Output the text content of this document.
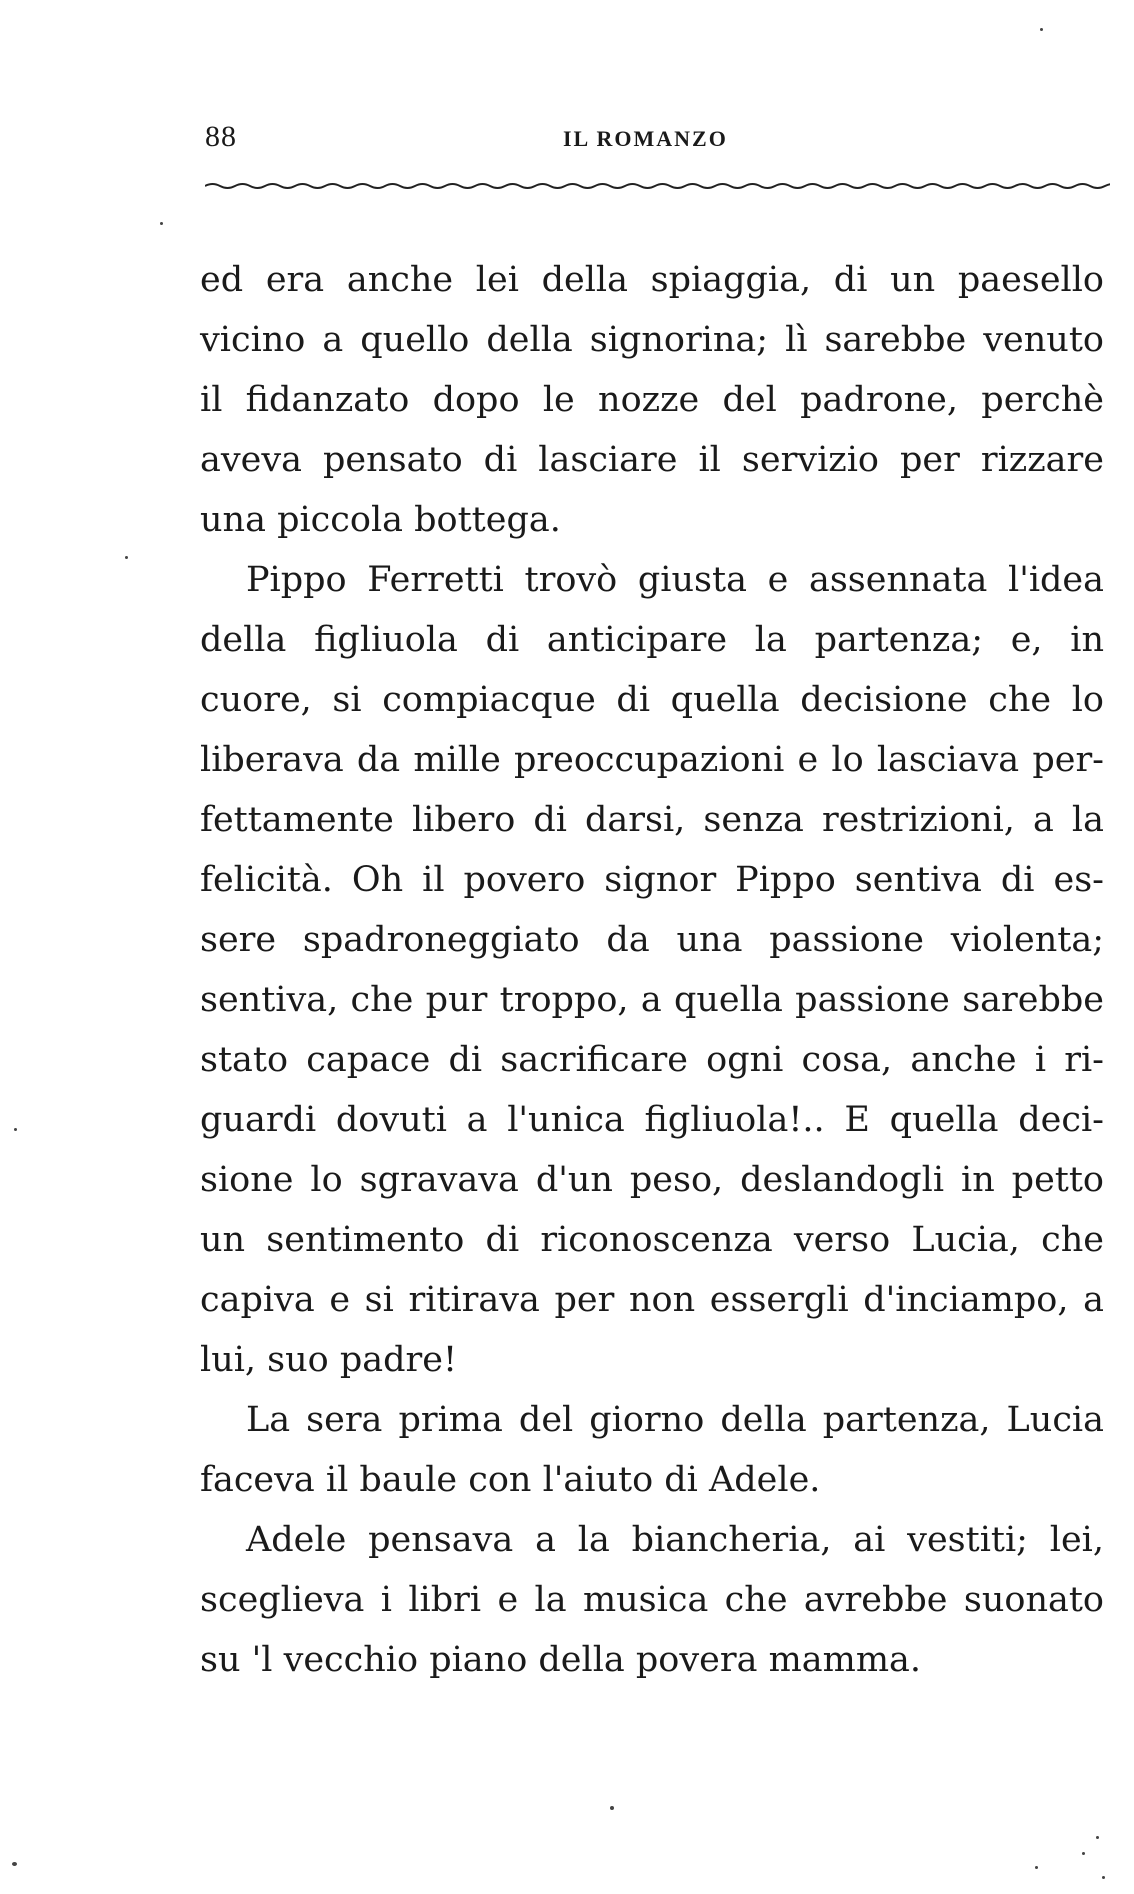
88	IL ROMANZO
ed era anche lei della spiaggia, di un paesello
vicino a quello della signorina; lì sarebbe venuto
il fidanzato dopo le nozze del padrone, perchè
aveva pensato di lasciare il servizio per rizzare
una piccola bottega.
Pippo Ferretti trovò giusta e assennata l'idea
della figliuola di anticipare la partenza; e, in
cuore, si compiacque di quella decisione che lo
liberava da mille preoccupazioni e lo lasciava per-
fettamente libero di darsi, senza restrizioni, a la
felicità. Oh il povero signor Pippo sentiva di es-
sere spadroneggiato da una passione violenta;
sentiva, che pur troppo, a quella passione sarebbe
stato capace di sacrificare ogni cosa, anche i ri-
guardi dovuti a l'unica figliuola!.. E quella deci-
sione lo sgravava d'un peso, deslandogli in petto
un sentimento di riconoscenza verso Lucia, che
capiva e si ritirava per non essergli d'inciampo, a
lui, suo padre!
La sera prima del giorno della partenza, Lucia
faceva il baule con l'aiuto di Adele.
Adele pensava a la biancheria, ai vestiti; lei,
sceglieva i libri e la musica che avrebbe suonato
su 'l vecchio piano della povera mamma.
